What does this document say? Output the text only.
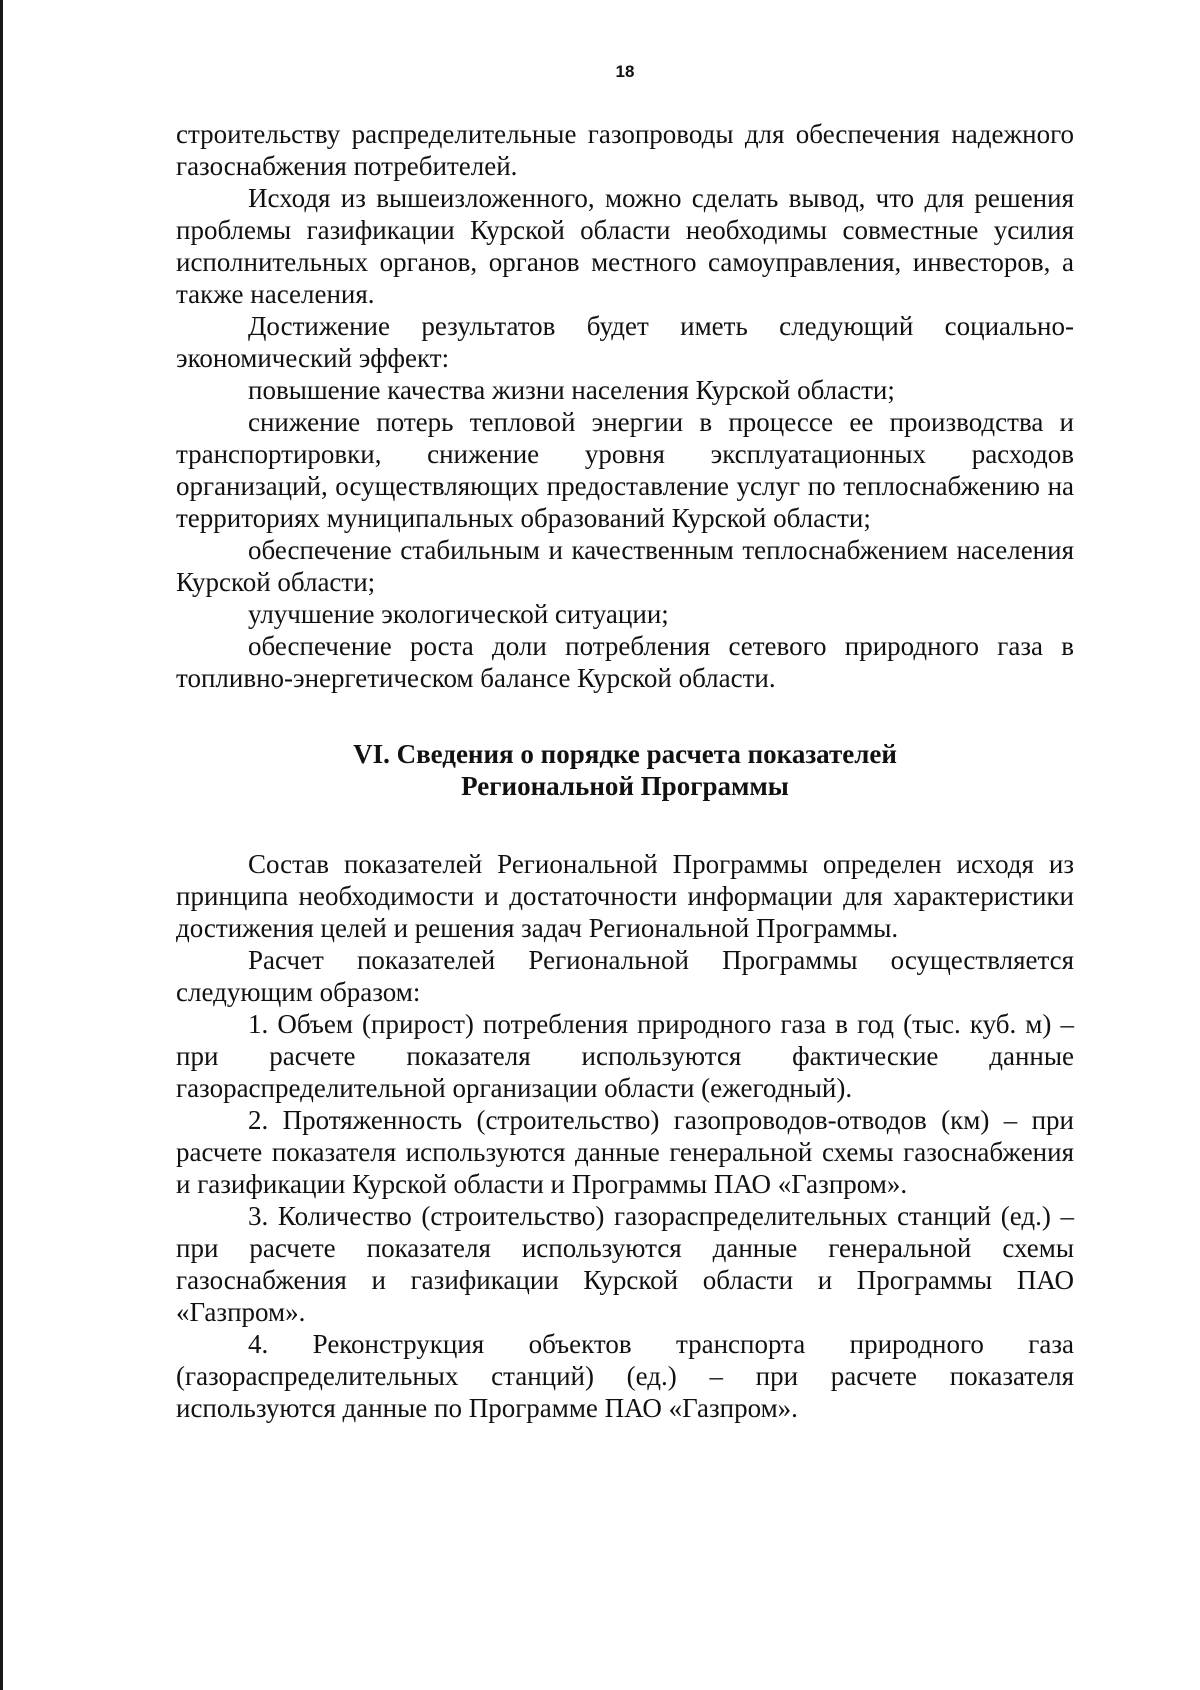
18

строительству распределительные газопроводы для обеспечения надежного газоснабжения потребителей.

Исходя из вышеизложенного, можно сделать вывод, что для решения проблемы газификации Курской области необходимы совместные усилия исполнительных органов, органов местного самоуправления, инвесторов, а также населения.

Достижение результатов будет иметь следующий социально-экономический эффект:

повышение качества жизни населения Курской области;

снижение потерь тепловой энергии в процессе ее производства и транспортировки, снижение уровня эксплуатационных расходов организаций, осуществляющих предоставление услуг по теплоснабжению на территориях муниципальных образований Курской области;

обеспечение стабильным и качественным теплоснабжением населения Курской области;

улучшение экологической ситуации;

обеспечение роста доли потребления сетевого природного газа в топливно-энергетическом балансе Курской области.

VI. Сведения о порядке расчета показателей
Региональной Программы

Состав показателей Региональной Программы определен исходя из принципа необходимости и достаточности информации для характеристики достижения целей и решения задач Региональной Программы.

Расчет показателей Региональной Программы осуществляется следующим образом:

1. Объем (прирост) потребления природного газа в год (тыс. куб. м) – при расчете показателя используются фактические данные газораспределительной организации области (ежегодный).

2. Протяженность (строительство) газопроводов-отводов (км) – при расчете показателя используются данные генеральной схемы газоснабжения и газификации Курской области и Программы ПАО «Газпром».

3. Количество (строительство) газораспределительных станций (ед.) – при расчете показателя используются данные генеральной схемы газоснабжения и газификации Курской области и Программы ПАО «Газпром».

4. Реконструкция объектов транспорта природного газа (газораспределительных станций) (ед.) – при расчете показателя используются данные по Программе ПАО «Газпром».
